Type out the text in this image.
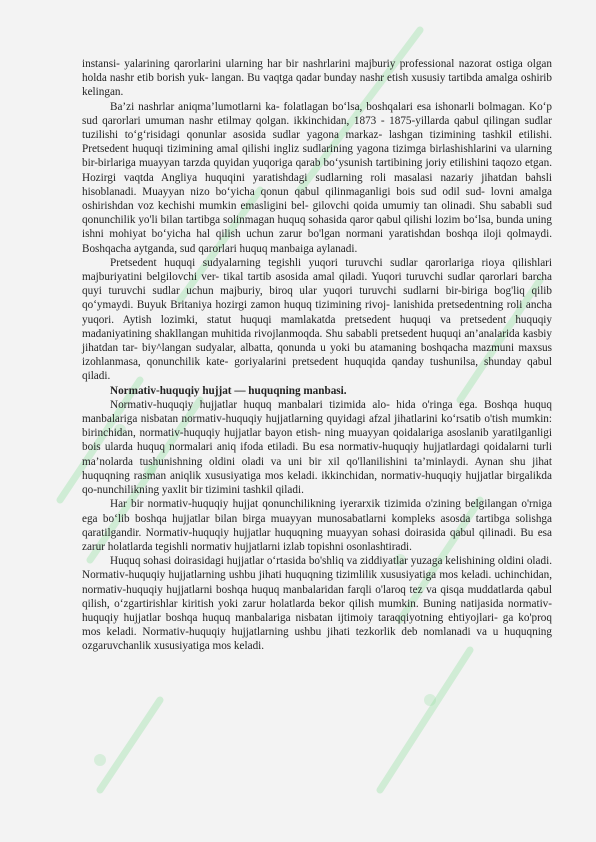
instansi- yalarining qarorlarini ularning har bir nashrlarini majburiy professional nazorat ostiga olgan holda nashr etib borish yuk- langan. Bu vaqtga qadar bunday nashr etish xususiy tartibda amalga oshirib kelingan.

Ba’zi nashrlar aniqma’lumotlarni ka- folatlagan bo‘lsa, boshqalari esa ishonarli bolmagan. Ko‘p sud qarorlari umuman nashr etilmay qolgan. ikkinchidan, 1873 - 1875-yillarda qabul qilingan sudlar tuzilishi to‘g‘risidagi qonunlar asosida sudlar yagona markaz- lashgan tizimining tashkil etilishi. Pretsedent huquqi tizimining amal qilishi ingliz sudlarining yagona tizimga birlashishlarini va ularning bir-birlariga muayyan tarzda quyidan yuqoriga qarab bo‘ysunish tartibining joriy etilishini taqozo etgan. Hozirgi vaqtda Angliya huquqini yaratishdagi sudlarning roli masalasi nazariy jihatdan bahsli hisoblanadi. Muayyan nizo bo‘yicha qonun qabul qilinmaganligi bois sud odil sud- lovni amalga oshirishdan voz kechishi mumkin emasligini bel- gilovchi qoida umumiy tan olinadi. Shu sababli sud qonunchilik yo'li bilan tartibga solinmagan huquq sohasida qaror qabul qilishi lozim bo‘lsa, bunda uning ishni mohiyat bo‘yicha hal qilish uchun zarur bo'lgan normani yaratishdan boshqa iloji qolmaydi. Boshqacha aytganda, sud qarorlari huquq manbaiga aylanadi.

Pretsedent huquqi sudyalarning tegishli yuqori turuvchi sudlar qarorlariga rioya qilishlari majburiyatini belgilovchi ver- tikal tartib asosida amal qiladi. Yuqori turuvchi sudlar qarorlari barcha quyi turuvchi sudlar uchun majburiy, biroq ular yuqori turuvchi sudlarni bir-biriga bog'liq qilib qo‘ymaydi. Buyuk Britaniya hozirgi zamon huquq tizimining rivoj- lanishida pretsedentning roli ancha yuqori. Aytish lozimki, statut huquqi mamlakatda pretsedent huquqi va pretsedent huquqiy madaniyatining shakllangan muhitida rivojlanmoqda. Shu sababli pretsedent huquqi an’analarida kasbiy jihatdan tar- biy^langan sudyalar, albatta, qonunda u yoki bu atamaning boshqacha mazmuni maxsus izohlanmasa, qonunchilik kate- goriyalarini pretsedent huquqida qanday tushunilsa, shunday qabul qiladi.

Normativ-huquqiy hujjat — huquqning manbasi.

Normativ-huquqiy hujjatlar huquq manbalari tizimida alo- hida o'ringa ega. Boshqa huquq manbalariga nisbatan normativ-huquqiy hujjatlarning quyidagi afzal jihatlarini ko‘rsatib o'tish mumkin: birinchidan, normativ-huquqiy hujjatlar bayon etish- ning muayyan qoidalariga asoslanib yaratilganligi bois ularda huquq normalari aniq ifoda etiladi. Bu esa normativ-huquqiy hujjatlardagi qoidalarni turli ma’nolarda tushunishning oldini oladi va uni bir xil qo'llanilishini ta’minlaydi. Aynan shu jihat huquqning rasman aniqlik xususiyatiga mos keladi. ikkinchidan, normativ-huquqiy hujjatlar birgalikda qo-nunchilikning yaxlit bir tizimini tashkil qiladi.

Har bir normativ-huquqiy hujjat qonunchilikning iyerarxik tizimida o'zining belgilangan o'rniga ega bo‘lib boshqa hujjatlar bilan birga muayyan munosabatlarni kompleks asosda tartibga solishga qaratilgandir. Normativ-huquqiy hujjatlar huquqning muayyan sohasi doirasida qabul qilinadi. Bu esa zarur holatlarda tegishli normativ hujjatlarni izlab topishni osonlashtiradi.

Huquq sohasi doirasidagi hujjatlar o‘rtasida bo'shliq va ziddiyatlar yuzaga kelishining oldini oladi. Normativ-huquqiy hujjatlarning ushbu jihati huquqning tizimlilik xususiyatiga mos keladi. uchinchidan, normativ-huquqiy hujjatlarni boshqa huquq manbalaridan farqli o'laroq tez va qisqa muddatlarda qabul qilish, o‘zgartirishlar kiritish yoki zarur holatlarda bekor qilish mumkin. Buning natijasida normativ-huquqiy hujjatlar boshqa huquq manbalariga nisbatan ijtimoiy taraqqiyotning ehtiyojlari- ga ko'proq mos keladi. Normativ-huquqiy hujjatlarning ushbu jihati tezkorlik deb nomlanadi va u huquqning ozgaruvchanlik xususiyatiga mos keladi.
